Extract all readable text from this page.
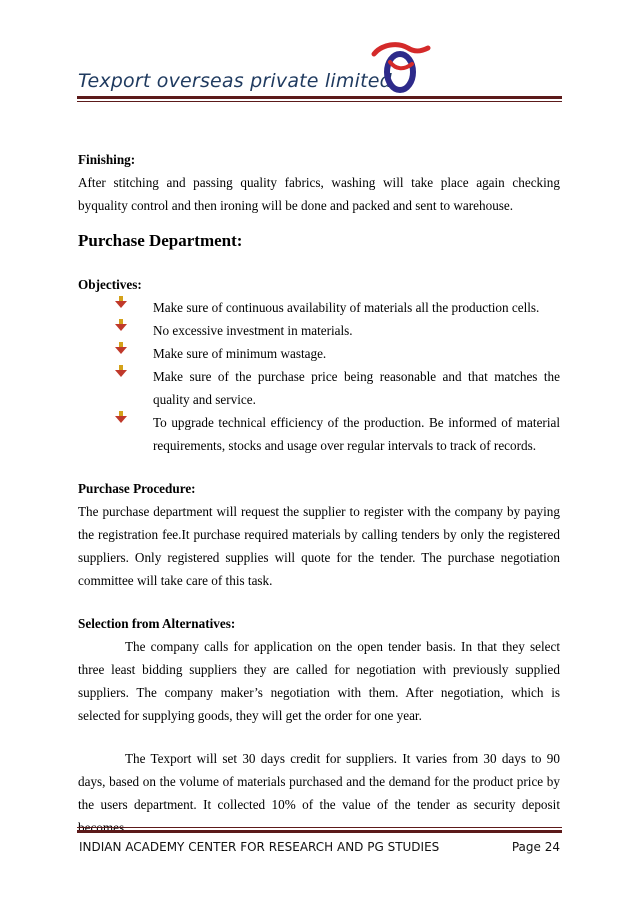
Texport overseas private limited

Finishing:

After stitching and passing quality fabrics, washing will take place again checking byquality control and then ironing will be done and packed and sent to warehouse.

Purchase Department:

Objectives:

Make sure of continuous availability of materials all the production cells.
No excessive investment in materials.
Make sure of minimum wastage.
Make sure of the purchase price being reasonable and that matches the quality and service.
To upgrade technical efficiency of the production. Be informed of material requirements, stocks and usage over regular intervals to track of records.

Purchase Procedure:

The purchase department will request the supplier to register with the company by paying the registration fee.It purchase required materials by calling tenders by only the registered suppliers. Only registered supplies will quote for the tender. The purchase negotiation committee will take care of this task.

Selection from Alternatives:

The company calls for application on the open tender basis. In that they select three least bidding suppliers they are called for negotiation with previously supplied suppliers. The company maker’s negotiation with them. After negotiation, which is selected for supplying goods, they will get the order for one year.

The Texport will set 30 days credit for suppliers. It varies from 30 days to 90 days, based on the volume of materials purchased and the demand for the product price by the users department. It collected 10% of the value of the tender as security deposit

INDIAN ACADEMY CENTER FOR RESEARCH AND PG STUDIES	Page 24
